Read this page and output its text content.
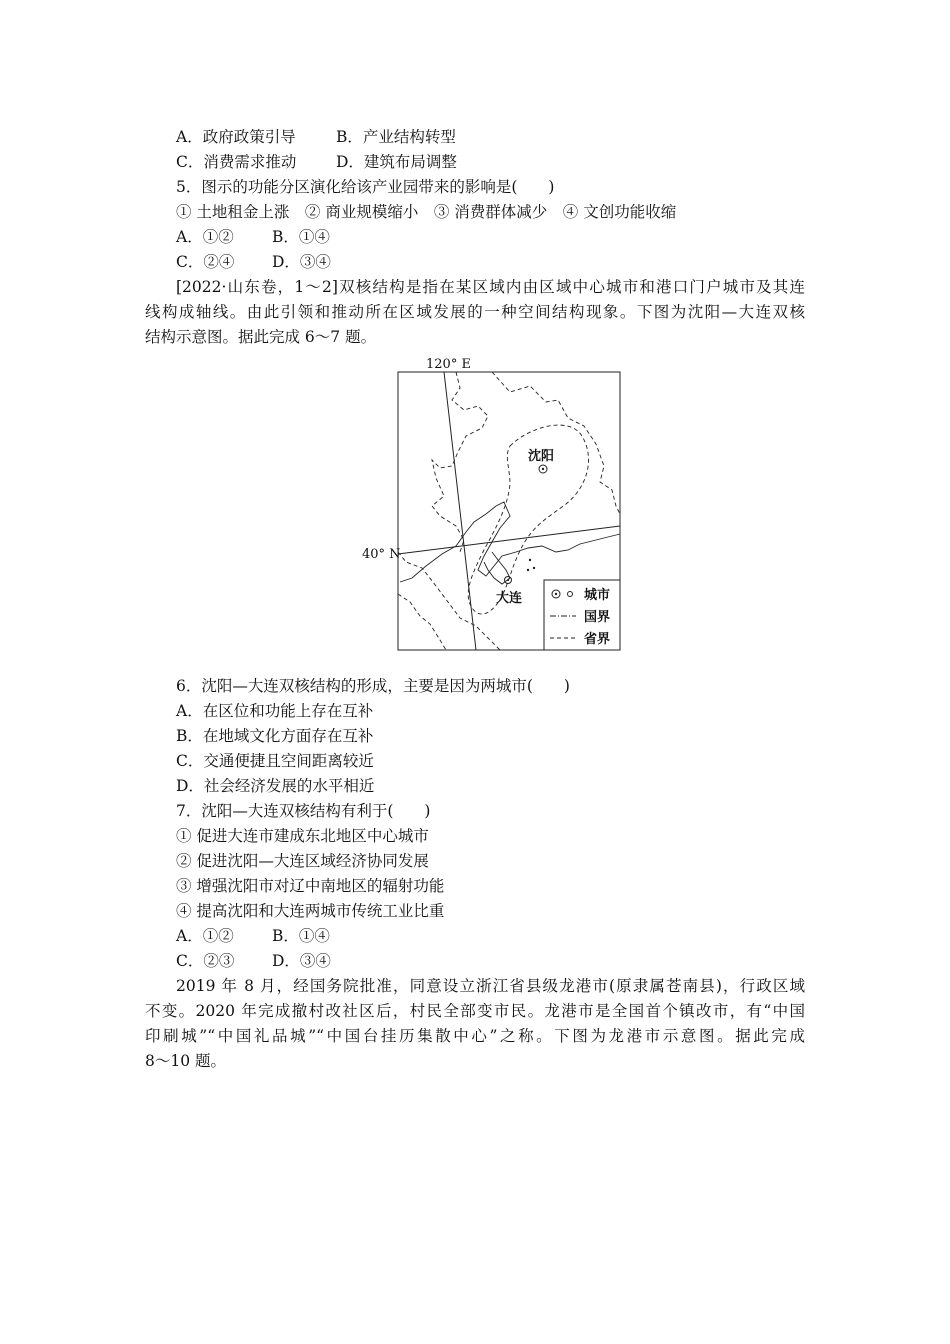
A．政府政策引导	B．产业结构转型
C．消费需求推动	D．建筑布局调整
5．图示的功能分区演化给该产业园带来的影响是(　　)
① 土地租金上涨　② 商业规模缩小　③ 消费群体减少　④ 文创功能收缩
A．①② B．①④
C．②④ D．③④
[2022·山东卷，1～2]双核结构是指在某区域内由区域中心城市和港口门户城市及其连
线构成轴线。由此引领和推动所在区域发展的一种空间结构现象。下图为沈阳—大连双核
结构示意图。据此完成 6～7 题。
120° E
40° N
沈阳
大连	城市
国界
省界
6．沈阳—大连双核结构的形成，主要是因为两城市(　　)
A．在区位和功能上存在互补
B．在地域文化方面存在互补
C．交通便捷且空间距离较近
D．社会经济发展的水平相近
7．沈阳—大连双核结构有利于(　　)
① 促进大连市建成东北地区中心城市
② 促进沈阳—大连区域经济协同发展
③ 增强沈阳市对辽中南地区的辐射功能
④ 提高沈阳和大连两城市传统工业比重
A．①② B．①④
C．②③ D．③④
2019 年 8 月，经国务院批准，同意设立浙江省县级龙港市(原隶属苍南县)，行政区域
不变。2020 年完成撤村改社区后，村民全部变市民。龙港市是全国首个镇改市，有“中国
印刷城”“中国礼品城”“中国台挂历集散中心”之称。下图为龙港市示意图。据此完成
8～10 题。
